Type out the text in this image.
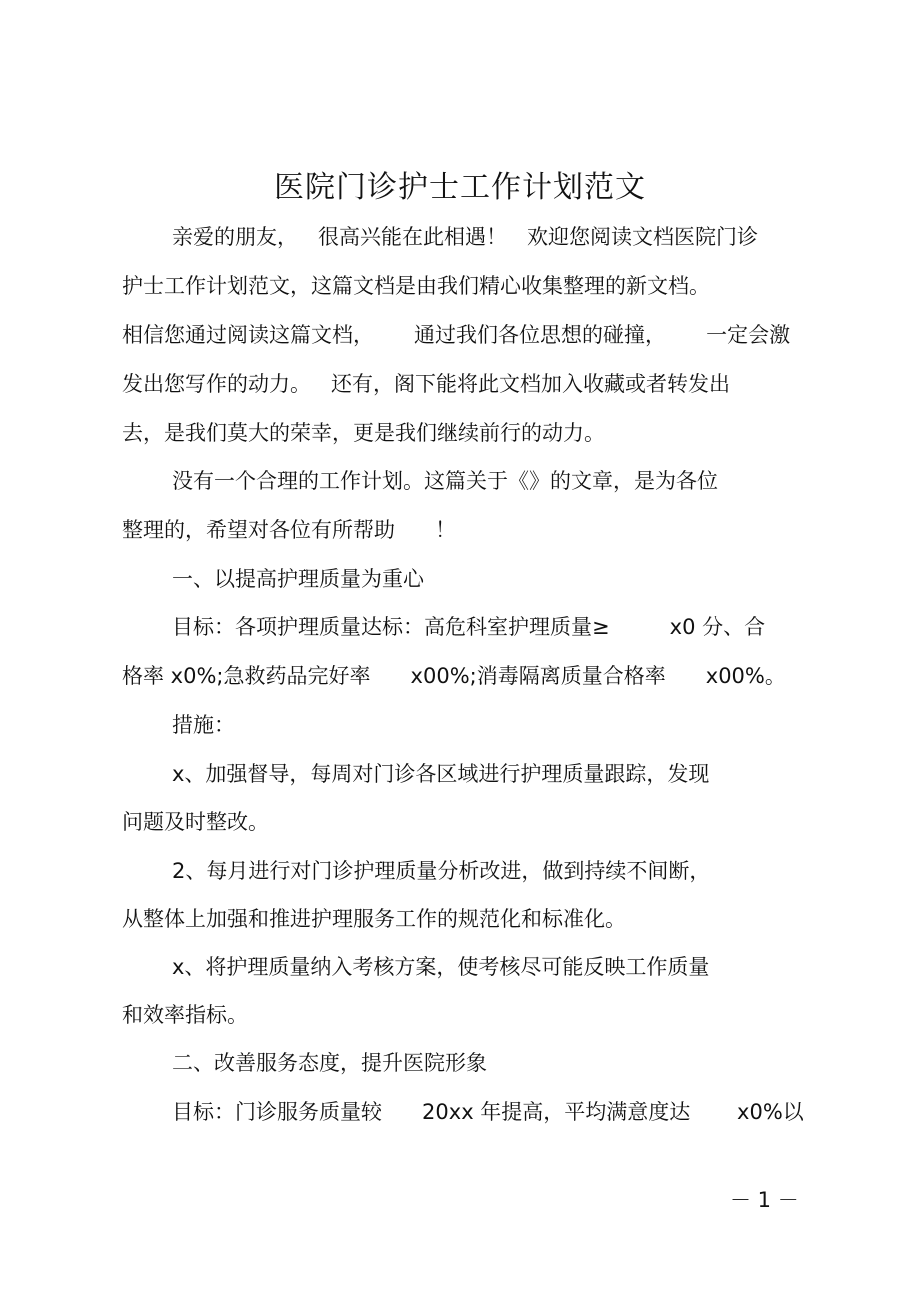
医院门诊护士工作计划范文
亲爱的朋友，   很高兴能在此相遇！   欢迎您阅读文档医院门诊
护士工作计划范文，这篇文档是由我们精心收集整理的新文档。
相信您通过阅读这篇文档，      通过我们各位思想的碰撞，      一定会激
发出您写作的动力。   还有，阁下能将此文档加入收藏或者转发出
去，是我们莫大的荣幸，更是我们继续前行的动力。
没有一个合理的工作计划。这篇关于《》的文章，是为各位
整理的，希望对各位有所帮助      ！
一、以提高护理质量为重心
目标：各项护理质量达标：高危科室护理质量≥         x0 分、合
格率 x0%;急救药品完好率      x00%;消毒隔离质量合格率      x00%。
措施：
x、加强督导，每周对门诊各区域进行护理质量跟踪，发现
问题及时整改。
2、每月进行对门诊护理质量分析改进，做到持续不间断，
从整体上加强和推进护理服务工作的规范化和标准化。
x、将护理质量纳入考核方案，使考核尽可能反映工作质量
和效率指标。
二、改善服务态度，提升医院形象
目标：门诊服务质量较      20xx 年提高，平均满意度达       x0%以
－ 1 －
